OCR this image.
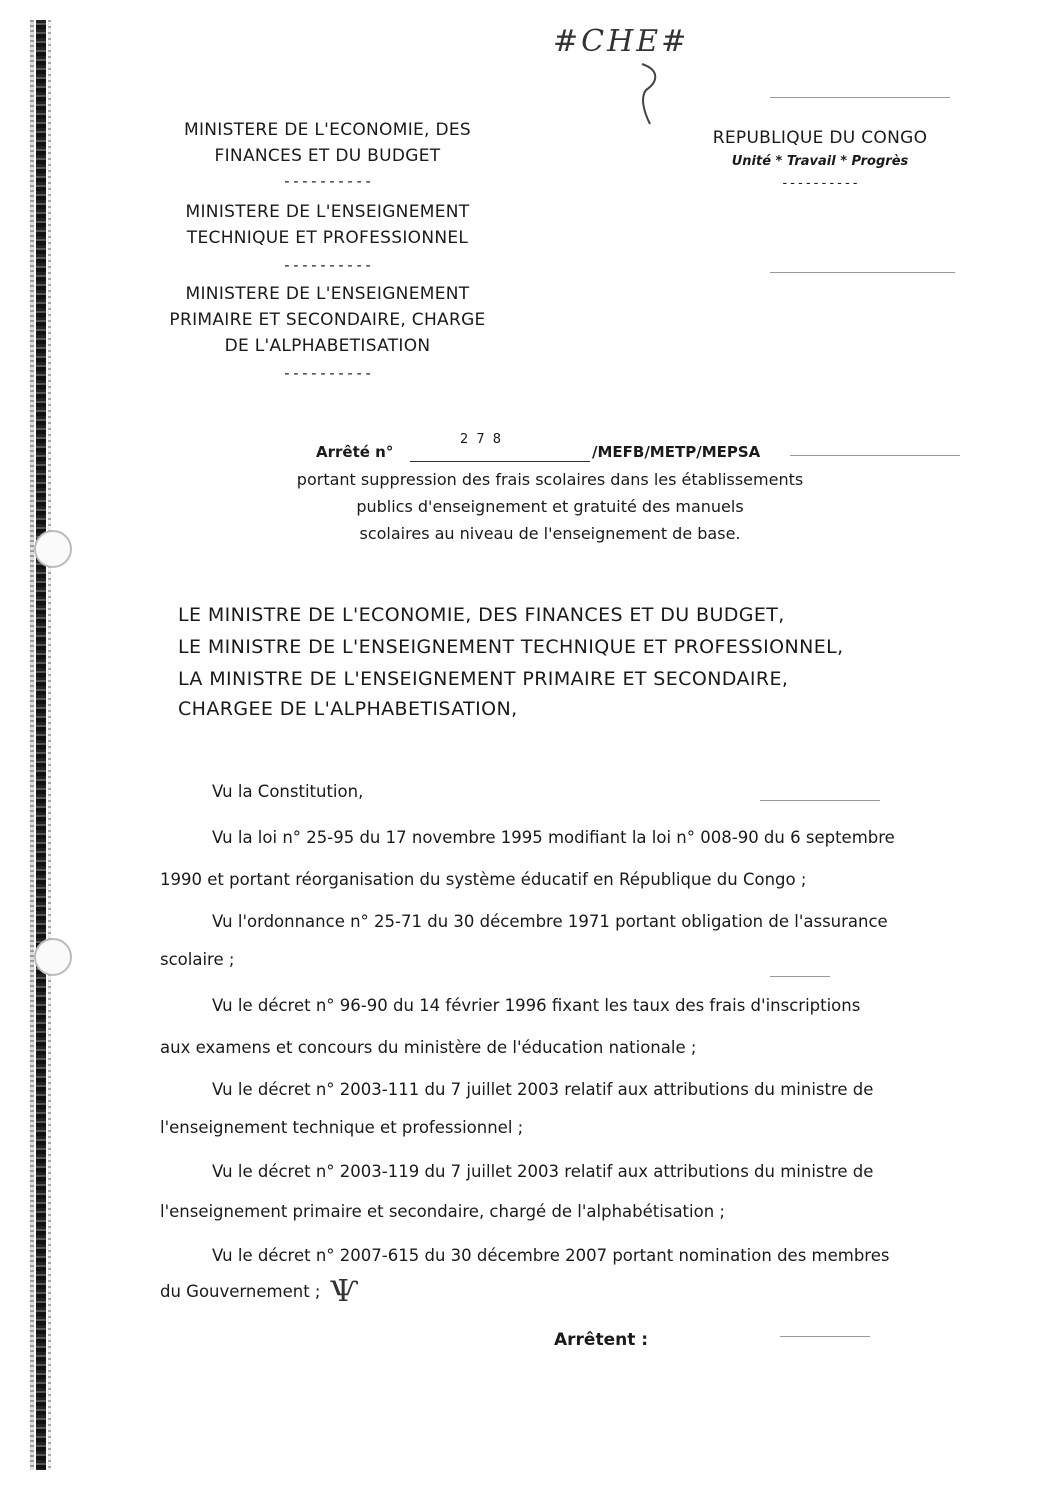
#CHE#
MINISTERE DE L'ECONOMIE, DES
FINANCES ET DU BUDGET
----------
MINISTERE DE L'ENSEIGNEMENT
TECHNIQUE ET PROFESSIONNEL
----------
MINISTERE DE L'ENSEIGNEMENT
PRIMAIRE ET SECONDAIRE, CHARGE
DE L'ALPHABETISATION
----------
REPUBLIQUE DU CONGO
Unité * Travail * Progrès
----------
Arrêté n°
2 7 8
/MEFB/METP/MEPSA
portant suppression des frais scolaires dans les établissements
publics d'enseignement et gratuité des manuels
scolaires au niveau de l'enseignement de base.
LE MINISTRE DE L'ECONOMIE, DES FINANCES ET DU BUDGET,
LE MINISTRE DE L'ENSEIGNEMENT TECHNIQUE ET PROFESSIONNEL,
LA MINISTRE DE L'ENSEIGNEMENT PRIMAIRE ET SECONDAIRE,
CHARGEE DE L'ALPHABETISATION,
Vu la Constitution,
Vu la loi n° 25-95 du 17 novembre 1995 modifiant la loi n° 008-90 du 6 septembre
1990 et portant réorganisation du système éducatif en République du Congo ;
Vu l'ordonnance n° 25-71 du 30 décembre 1971 portant obligation de l'assurance
scolaire ;
Vu le décret n° 96-90 du 14 février 1996 fixant les taux des frais d'inscriptions
aux examens et concours du ministère de l'éducation nationale ;
Vu le décret n° 2003-111 du 7 juillet 2003 relatif aux attributions du ministre de
l'enseignement technique et professionnel ;
Vu le décret n° 2003-119 du 7 juillet 2003 relatif aux attributions du ministre de
l'enseignement primaire et secondaire, chargé de l'alphabétisation ;
Vu le décret n° 2007-615 du 30 décembre 2007 portant nomination des membres
du Gouvernement ; Ѱ
Arrêtent :
